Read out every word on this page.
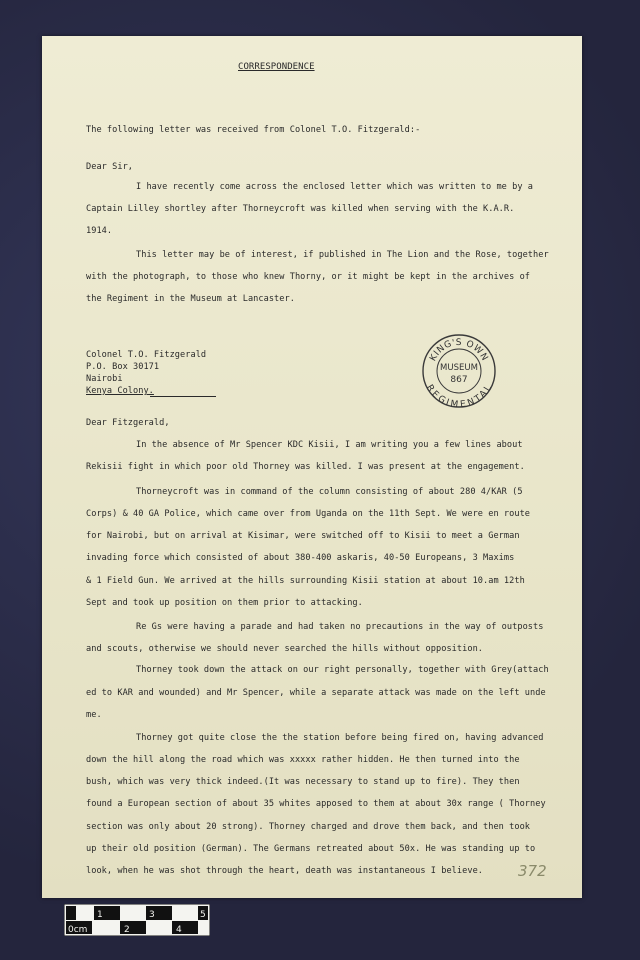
CORRESPONDENCE
The following letter was received from Colonel T.O. Fitzgerald:-
Dear Sir,
I have recently come across the enclosed letter which was written to me by a
Captain Lilley shortley after Thorneycroft was killed when serving with the K.A.R.
1914.
This letter may be of interest, if published in The Lion and the Rose, together
with the photograph, to those who knew Thorny, or it might be kept in the archives of
the Regiment in the Museum at Lancaster.
Colonel T.O. Fitzgerald
P.O. Box 30171
Nairobi
Kenya Colony.
KING'S OWN
REGIMENTAL
MUSEUM
867
Dear Fitzgerald,
In the absence of Mr Spencer KDC Kisii, I am writing you a few lines about
Rekisii fight in which poor old Thorney was killed. I was present at the engagement.
Thorneycroft was in command of the column consisting of about 280 4/KAR (5
Corps) & 40 GA Police, which came over from Uganda on the 11th Sept. We were en route
for Nairobi, but on arrival at Kisimar, were switched off to Kisii to meet a German
invading force which consisted of about 380-400 askaris, 40-50 Europeans, 3 Maxims
& 1 Field Gun. We arrived at the hills surrounding Kisii station at about 10.am 12th
Sept and took up position on them prior to attacking.
Re Gs were having a parade and had taken no precautions in the way of outposts
and scouts, otherwise we should never searched the hills without opposition.
Thorney took down the attack on our right personally, together with Grey(attach
ed to KAR and wounded) and Mr Spencer, while a separate attack was made on the left unde
me.
Thorney got quite close the the station before being fired on, having advanced
down the hill along the road which was xxxxx rather hidden. He then turned into the
bush, which was very thick indeed.(It was necessary to stand up to fire). They then
found a European section of about 35 whites apposed to them at about 30x range ( Thorney
section was only about 20 strong). Thorney charged and drove them back, and then took
up their old position (German). The Germans retreated about 50x. He was standing up to
look, when he was shot through the heart, death was instantaneous I believe. 372
0cm
1
2
3
4
5
